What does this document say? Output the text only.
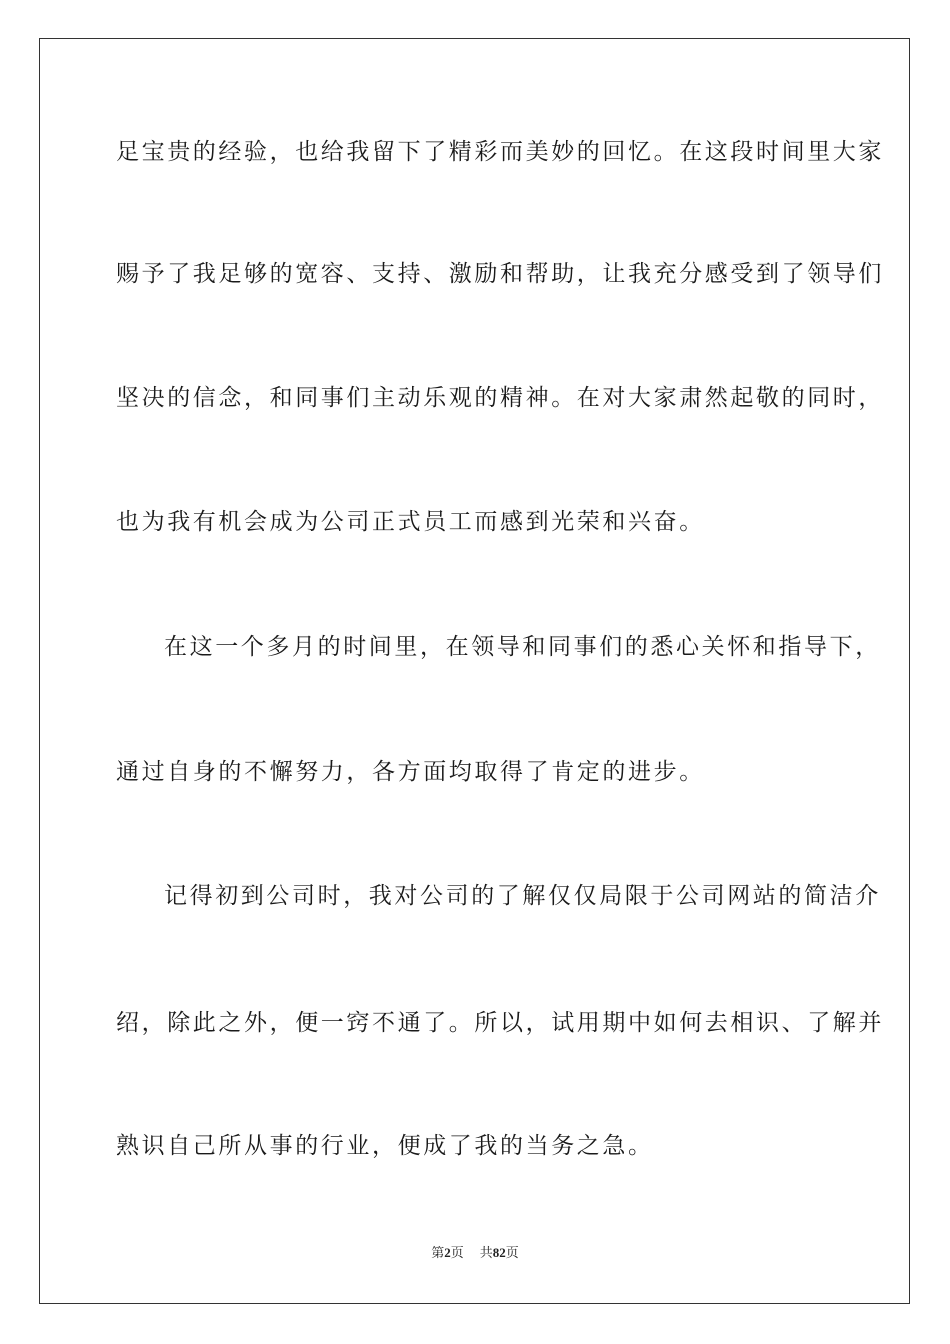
足宝贵的经验，也给我留下了精彩而美妙的回忆。在这段时间里大家
赐予了我足够的宽容、支持、激励和帮助，让我充分感受到了领导们
坚决的信念，和同事们主动乐观的精神。在对大家肃然起敬的同时，
也为我有机会成为公司正式员工而感到光荣和兴奋。
在这一个多月的时间里，在领导和同事们的悉心关怀和指导下，
通过自身的不懈努力，各方面均取得了肯定的进步。
记得初到公司时，我对公司的了解仅仅局限于公司网站的简洁介
绍，除此之外，便一窍不通了。所以，试用期中如何去相识、了解并
熟识自己所从事的行业，便成了我的当务之急。
第2页 共82页
